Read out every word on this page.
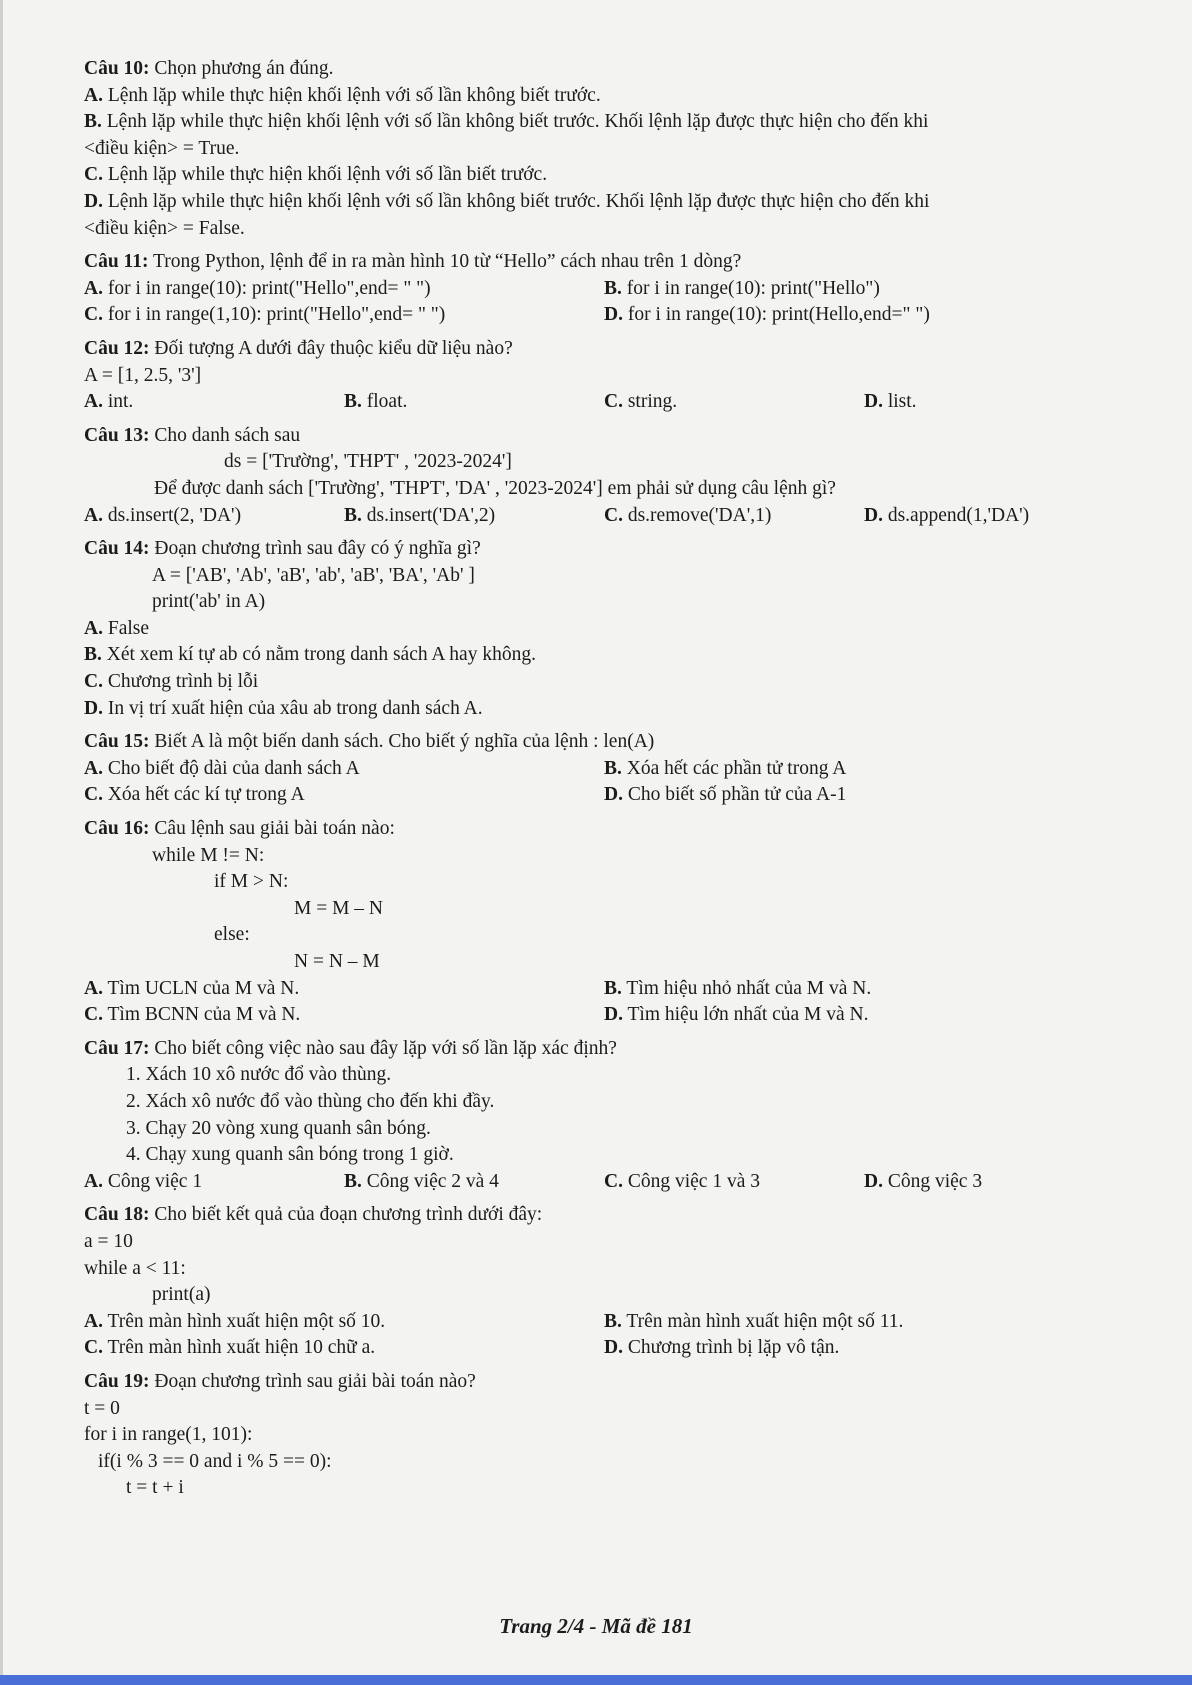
Câu 10: Chọn phương án đúng.
A. Lệnh lặp while thực hiện khối lệnh với số lần không biết trước.
B. Lệnh lặp while thực hiện khối lệnh với số lần không biết trước. Khối lệnh lặp được thực hiện cho đến khi
<điều kiện> = True.
C. Lệnh lặp while thực hiện khối lệnh với số lần biết trước.
D. Lệnh lặp while thực hiện khối lệnh với số lần không biết trước. Khối lệnh lặp được thực hiện cho đến khi
<điều kiện> = False.
Câu 11: Trong Python, lệnh để in ra màn hình 10 từ “Hello” cách nhau trên 1 dòng?
A. for i in range(10): print("Hello",end= " ")	B. for i in range(10): print("Hello")
C. for i in range(1,10): print("Hello",end= " ")	D. for i in range(10): print(Hello,end=" ")
Câu 12: Đối tượng A dưới đây thuộc kiểu dữ liệu nào?
A = [1, 2.5, '3']
A. int.	B. float.	C. string.	D. list.
Câu 13: Cho danh sách sau
ds = ['Trường', 'THPT' , '2023-2024']
Để được danh sách ['Trường', 'THPT', 'DA' , '2023-2024'] em phải sử dụng câu lệnh gì?
A. ds.insert(2, 'DA')	B. ds.insert('DA',2)	C. ds.remove('DA',1)	D. ds.append(1,'DA')
Câu 14: Đoạn chương trình sau đây có ý nghĩa gì?
A = ['AB', 'Ab', 'aB', 'ab', 'aB', 'BA', 'Ab' ]
print('ab' in A)
A. False
B. Xét xem kí tự ab có nằm trong danh sách A hay không.
C. Chương trình bị lỗi
D. In vị trí xuất hiện của xâu ab trong danh sách A.
Câu 15: Biết A là một biến danh sách. Cho biết ý nghĩa của lệnh : len(A)
A. Cho biết độ dài của danh sách A	B. Xóa hết các phần tử trong A
C. Xóa hết các kí tự trong A	D. Cho biết số phần tử của A-1
Câu 16: Câu lệnh sau giải bài toán nào:
while M != N:
if M > N:
M = M – N
else:
N = N – M
A. Tìm UCLN của M và N.	B. Tìm hiệu nhỏ nhất của M và N.
C. Tìm BCNN của M và N.	D. Tìm hiệu lớn nhất của M và N.
Câu 17: Cho biết công việc nào sau đây lặp với số lần lặp xác định?
1. Xách 10 xô nước đổ vào thùng.
2. Xách xô nước đổ vào thùng cho đến khi đầy.
3. Chạy 20 vòng xung quanh sân bóng.
4. Chạy xung quanh sân bóng trong 1 giờ.
A. Công việc 1	B. Công việc 2 và 4	C. Công việc 1 và 3	D. Công việc 3
Câu 18: Cho biết kết quả của đoạn chương trình dưới đây:
a = 10
while a < 11:
print(a)
A. Trên màn hình xuất hiện một số 10.	B. Trên màn hình xuất hiện một số 11.
C. Trên màn hình xuất hiện 10 chữ a.	D. Chương trình bị lặp vô tận.
Câu 19: Đoạn chương trình sau giải bài toán nào?
t = 0
for i in range(1, 101):
if(i % 3 == 0 and i % 5 == 0):
t = t + i
Trang 2/4 - Mã đề 181
